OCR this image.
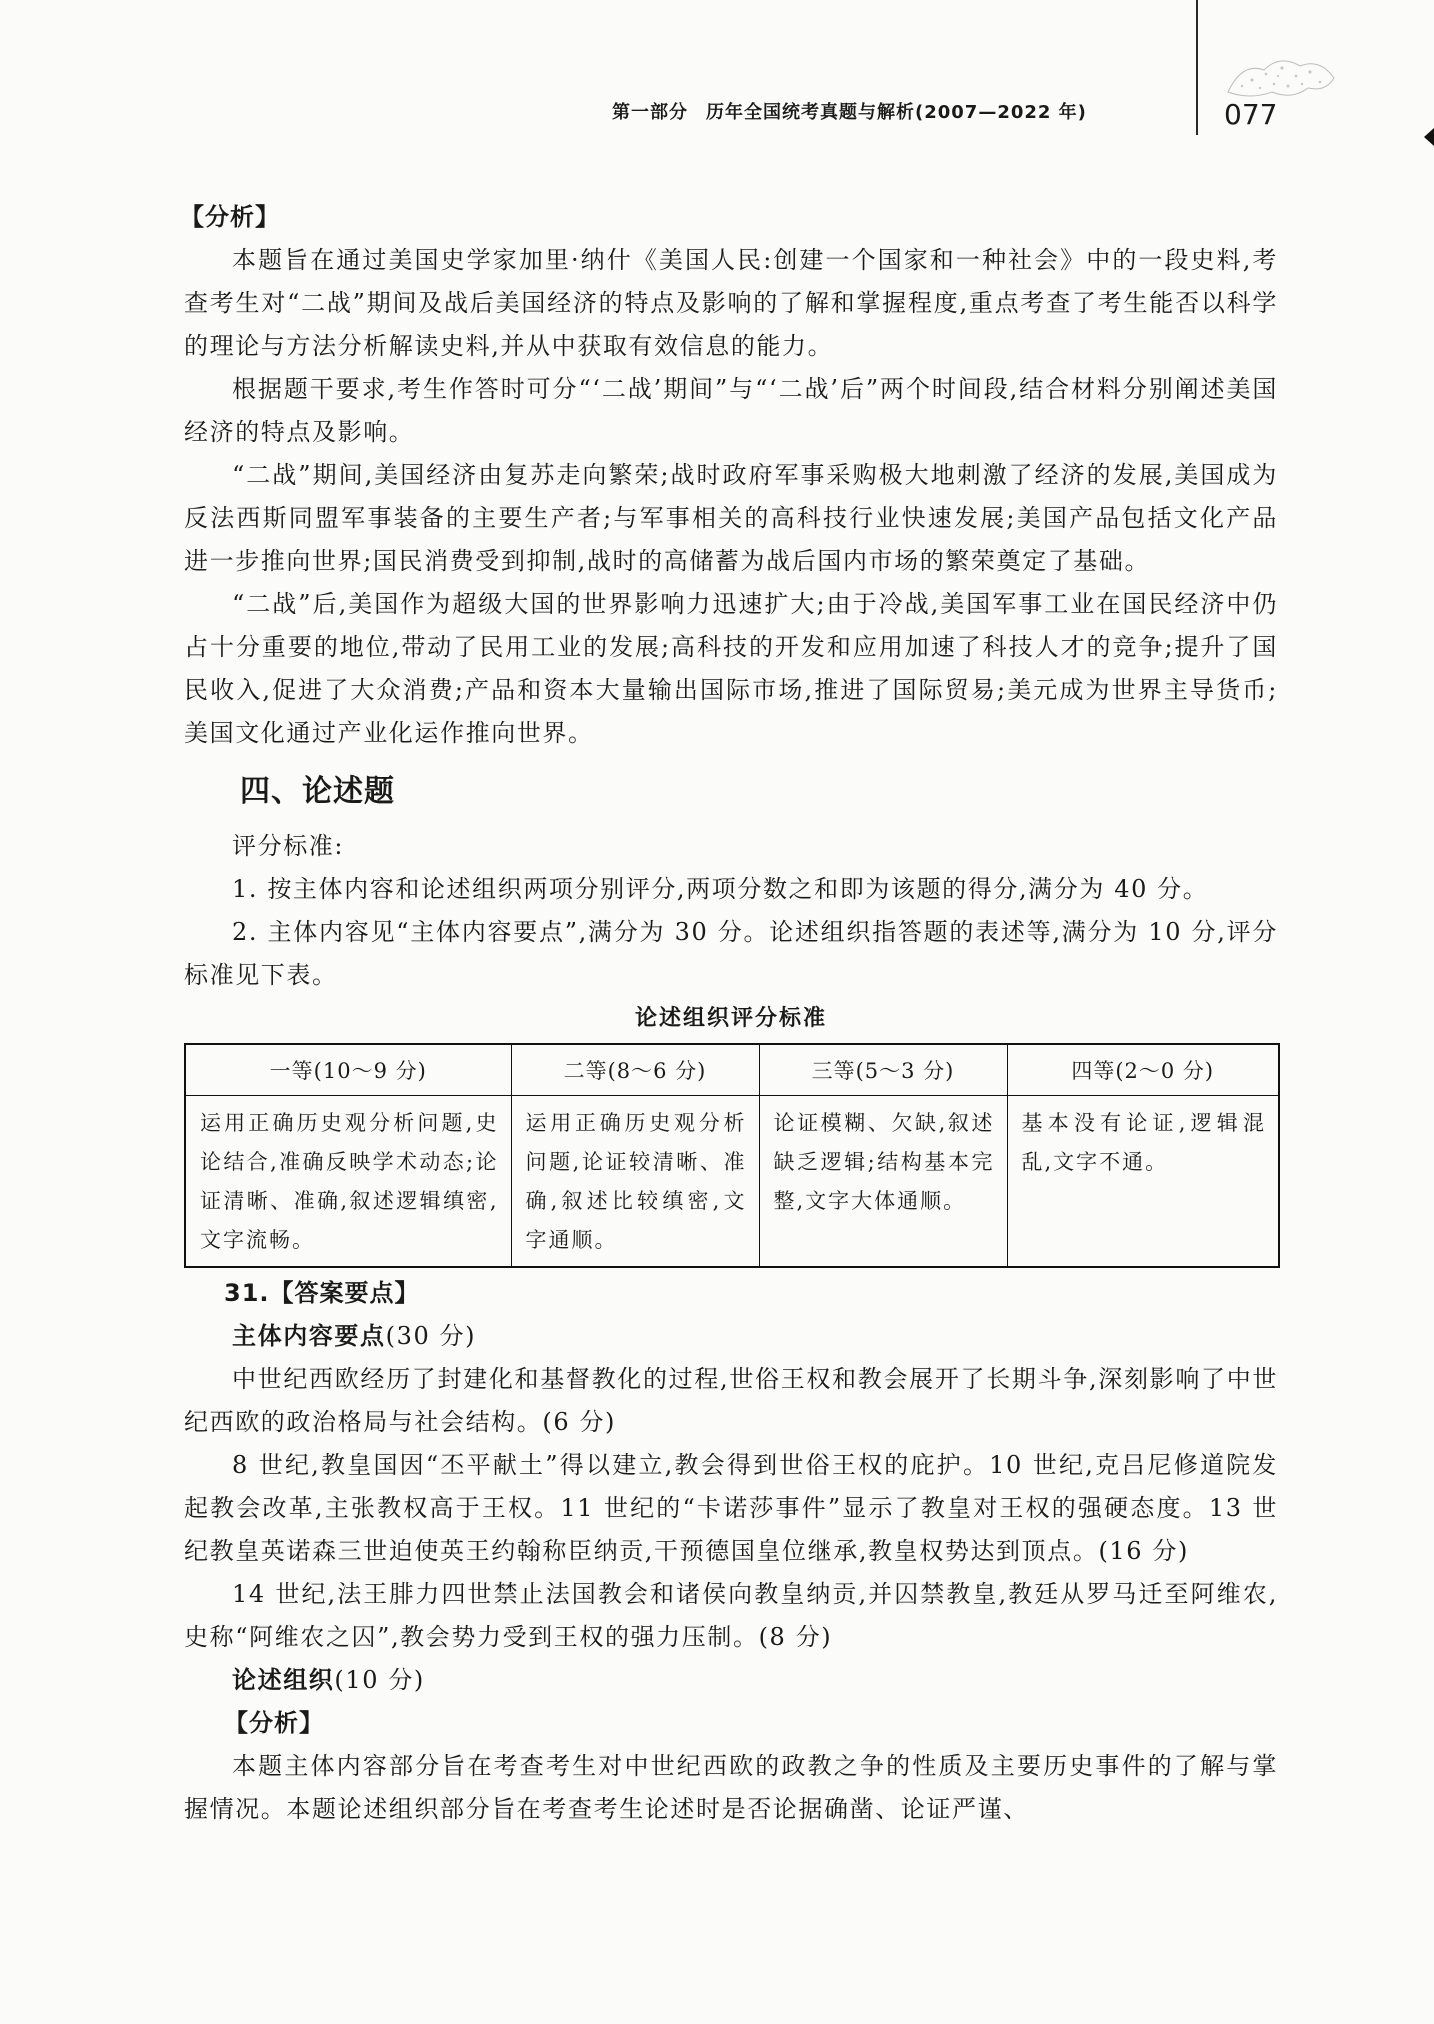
第一部分 历年全国统考真题与解析(2007—2022 年)	077

【分析】

本题旨在通过美国史学家加里·纳什《美国人民:创建一个国家和一种社会》中的一段史料,考查考生对“二战”期间及战后美国经济的特点及影响的了解和掌握程度,重点考查了考生能否以科学的理论与方法分析解读史料,并从中获取有效信息的能力。

根据题干要求,考生作答时可分“‘二战’期间”与“‘二战’后”两个时间段,结合材料分别阐述美国经济的特点及影响。

“二战”期间,美国经济由复苏走向繁荣;战时政府军事采购极大地刺激了经济的发展,美国成为反法西斯同盟军事装备的主要生产者;与军事相关的高科技行业快速发展;美国产品包括文化产品进一步推向世界;国民消费受到抑制,战时的高储蓄为战后国内市场的繁荣奠定了基础。

“二战”后,美国作为超级大国的世界影响力迅速扩大;由于冷战,美国军事工业在国民经济中仍占十分重要的地位,带动了民用工业的发展;高科技的开发和应用加速了科技人才的竞争;提升了国民收入,促进了大众消费;产品和资本大量输出国际市场,推进了国际贸易;美元成为世界主导货币;美国文化通过产业化运作推向世界。

四、论述题

评分标准:

1. 按主体内容和论述组织两项分别评分,两项分数之和即为该题的得分,满分为 40 分。

2. 主体内容见“主体内容要点”,满分为 30 分。论述组织指答题的表述等,满分为 10 分,评分标准见下表。

论述组织评分标准
一等(10～9 分)	二等(8～6 分)	三等(5～3 分)	四等(2～0 分)
运用正确历史观分析问题,史论结合,准确反映学术动态;论证清晰、准确,叙述逻辑缜密,文字流畅。	运用正确历史观分析问题,论证较清晰、准确,叙述比较缜密,文字通顺。	论证模糊、欠缺,叙述缺乏逻辑;结构基本完整,文字大体通顺。	基本没有论证,逻辑混乱,文字不通。

31.【答案要点】

主体内容要点(30 分)

中世纪西欧经历了封建化和基督教化的过程,世俗王权和教会展开了长期斗争,深刻影响了中世纪西欧的政治格局与社会结构。(6 分)

8 世纪,教皇国因“丕平献土”得以建立,教会得到世俗王权的庇护。10 世纪,克吕尼修道院发起教会改革,主张教权高于王权。11 世纪的“卡诺莎事件”显示了教皇对王权的强硬态度。13 世纪教皇英诺森三世迫使英王约翰称臣纳贡,干预德国皇位继承,教皇权势达到顶点。(16 分)

14 世纪,法王腓力四世禁止法国教会和诸侯向教皇纳贡,并囚禁教皇,教廷从罗马迁至阿维农,史称“阿维农之囚”,教会势力受到王权的强力压制。(8 分)

论述组织(10 分)

【分析】

本题主体内容部分旨在考查考生对中世纪西欧的政教之争的性质及主要历史事件的了解与掌握情况。本题论述组织部分旨在考查考生论述时是否论据确凿、论证严谨、
